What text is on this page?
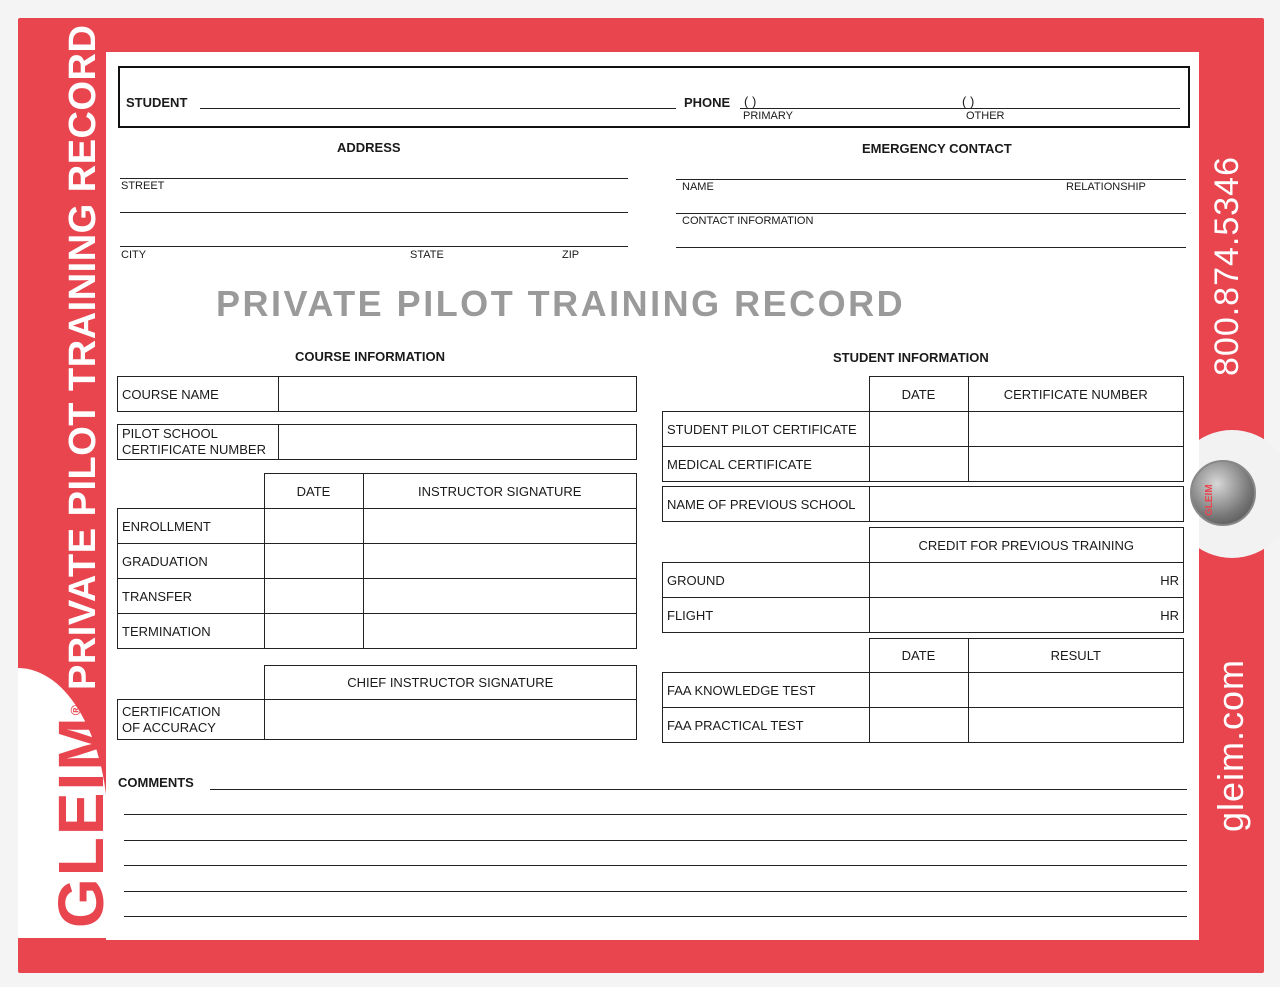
PRIVATE PILOT TRAINING RECORD
GLEIM®
800.874.5346
gleim.com
GLEIM
STUDENT	PHONE ( )	( )
PRIMARY	OTHER
ADDRESS
STREET
CITY	STATE	ZIP
EMERGENCY CONTACT
NAME	RELATIONSHIP
CONTACT INFORMATION
PRIVATE PILOT TRAINING RECORD
COURSE INFORMATION
COURSE NAME	
PILOT SCHOOL
CERTIFICATE NUMBER	
	DATE	INSTRUCTOR SIGNATURE
ENROLLMENT		
GRADUATION		
TRANSFER		
TERMINATION		
	CHIEF INSTRUCTOR SIGNATURE
CERTIFICATION
OF ACCURACY	
STUDENT INFORMATION
	DATE	CERTIFICATE NUMBER
STUDENT PILOT CERTIFICATE		
MEDICAL CERTIFICATE		
NAME OF PREVIOUS SCHOOL	
	CREDIT FOR PREVIOUS TRAINING
GROUND	HR
FLIGHT	HR
	DATE	RESULT
FAA KNOWLEDGE TEST		
FAA PRACTICAL TEST		
COMMENTS
